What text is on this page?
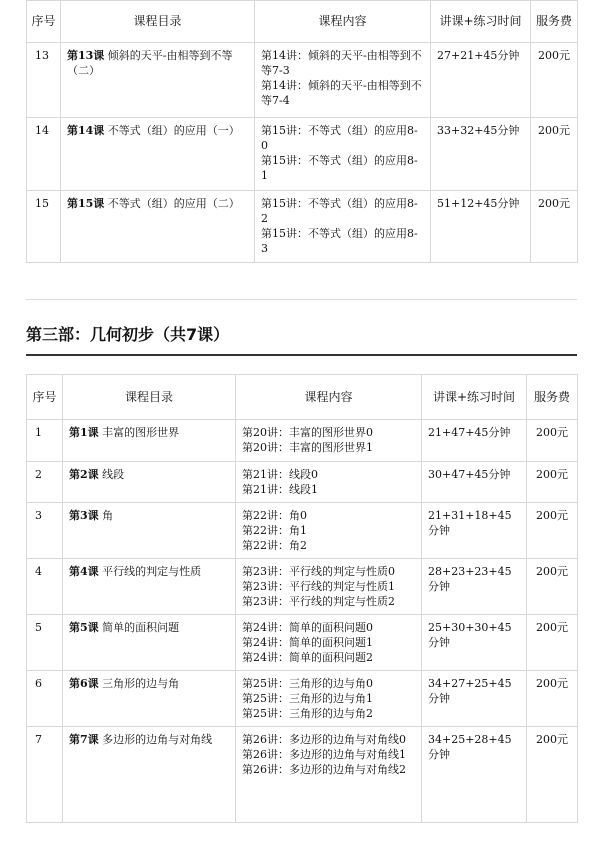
序号	课程目录	课程内容	讲课+练习时间	服务费
13	第13课 倾斜的天平-由相等到不等（二）	第14讲：倾斜的天平-由相等到不等7-3
第14讲：倾斜的天平-由相等到不等7-4	27+21+45分钟	200元
14	第14课 不等式（组）的应用（一）	第15讲：不等式（组）的应用8-0
第15讲：不等式（组）的应用8-1	33+32+45分钟	200元
15	第15课 不等式（组）的应用（二）	第15讲：不等式（组）的应用8-2
第15讲：不等式（组）的应用8-3	51+12+45分钟	200元
第三部：几何初步（共7课）
序号	课程目录	课程内容	讲课+练习时间	服务费
1	第1课 丰富的图形世界	第20讲：丰富的图形世界0
第20讲：丰富的图形世界1	21+47+45分钟	200元
2	第2课 线段	第21讲：线段0
第21讲：线段1	30+47+45分钟	200元
3	第3课 角	第22讲：角0
第22讲：角1
第22讲：角2	21+31+18+45分钟	200元
4	第4课 平行线的判定与性质	第23讲：平行线的判定与性质0
第23讲：平行线的判定与性质1
第23讲：平行线的判定与性质2	28+23+23+45分钟	200元
5	第5课 简单的面积问题	第24讲：简单的面积问题0
第24讲：简单的面积问题1
第24讲：简单的面积问题2	25+30+30+45分钟	200元
6	第6课 三角形的边与角	第25讲：三角形的边与角0
第25讲：三角形的边与角1
第25讲：三角形的边与角2	34+27+25+45分钟	200元
7	第7课 多边形的边角与对角线	第26讲：多边形的边角与对角线0
第26讲：多边形的边角与对角线1
第26讲：多边形的边角与对角线2	34+25+28+45分钟	200元
